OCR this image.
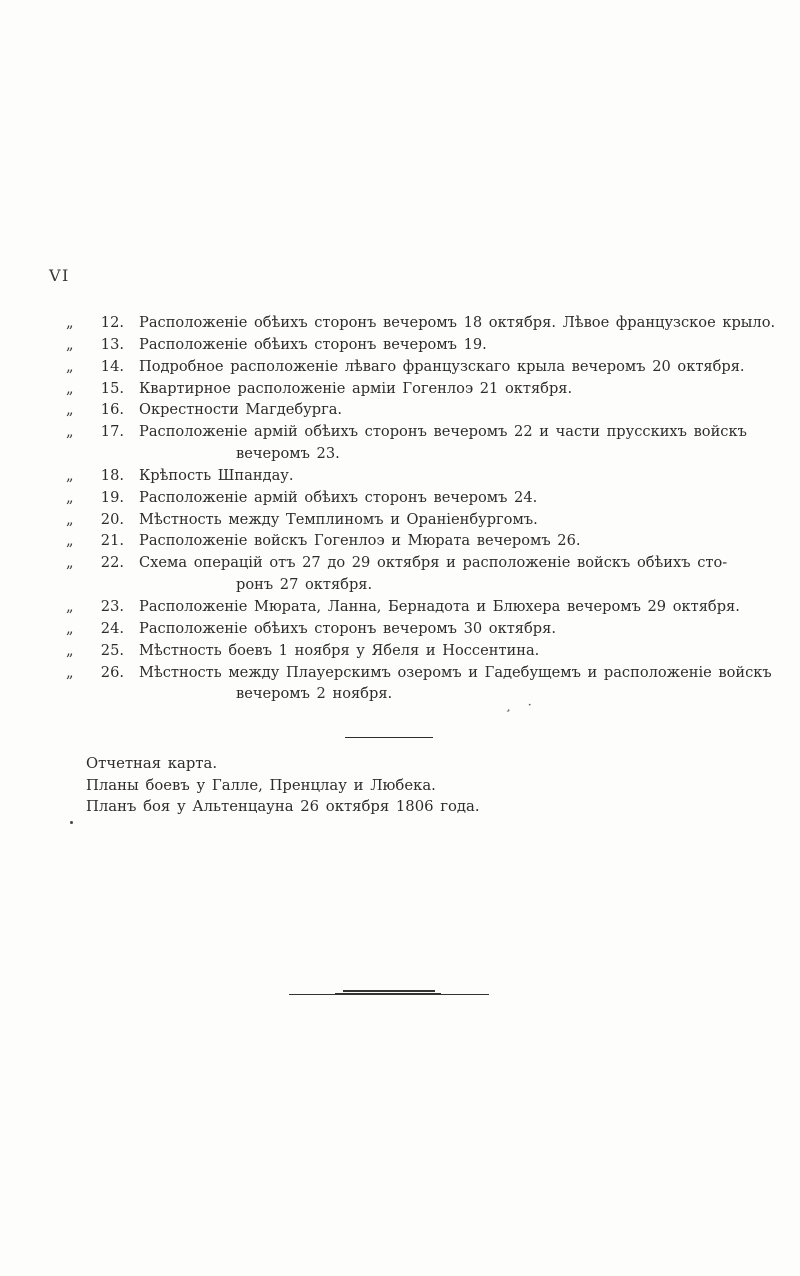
VI
„	12. Расположеніе обѣихъ сторонъ вечеромъ 18 октября. Лѣвое французское крыло.
„	13. Расположеніе обѣихъ сторонъ вечеромъ 19.
„	14. Подробное расположеніе лѣваго французскаго крыла вечеромъ 20 октября.
„	15. Квартирное расположеніе арміи Гогенлоэ 21 октября.
„	16. Окрестности Магдебурга.
„	17. Расположеніе армій обѣихъ сторонъ вечеромъ 22 и части прусскихъ войскъ
вечеромъ 23.
„	18. Крѣпость Шпандау.
„	19. Расположеніе армій обѣихъ сторонъ вечеромъ 24.
„	20. Мѣстность между Темплиномъ и Ораніенбургомъ.
„	21. Расположеніе войскъ Гогенлоэ и Мюрата вечеромъ 26.
„	22. Схема операцій отъ 27 до 29 октября и расположеніе войскъ обѣихъ сто-
ронъ 27 октября.
„	23. Расположеніе Мюрата, Ланна, Бернадота и Блюхера вечеромъ 29 октября.
„	24. Расположеніе обѣихъ сторонъ вечеромъ 30 октября.
„	25. Мѣстность боевъ 1 ноября у Ябеля и Носсентина.
„	26. Мѣстность между Плауерскимъ озеромъ и Гадебущемъ и расположеніе войскъ
вечеромъ 2 ноября.
¸ ·
Отчетная карта.
Планы боевъ у Галле, Пренцлау и Любека.
Планъ боя у Альтенцауна 26 октября 1806 года.
